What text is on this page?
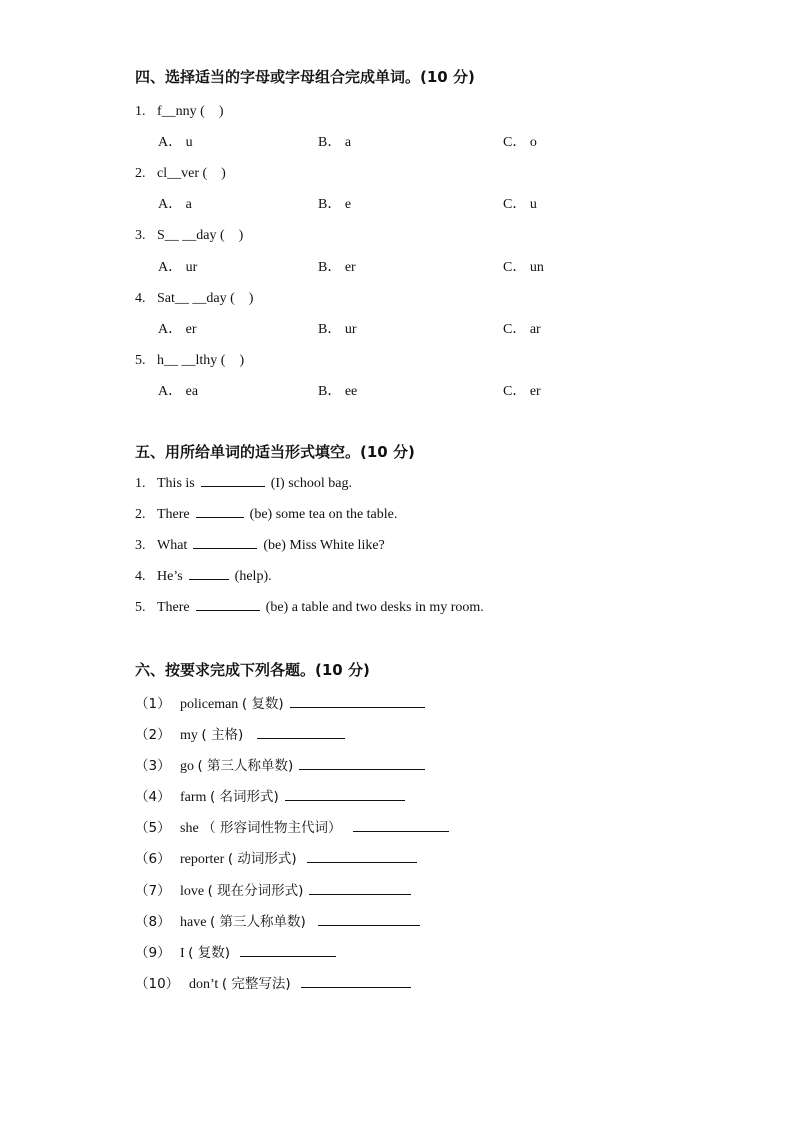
四、选择适当的字母或字母组合完成单词。(10 分)
1. f__nny (　)
A． u	B． a	C． o
2. cl__ver (　)
A． a	B． e	C． u
3. S__ __day (　)
A． ur	B． er	C． un
4. Sat__ __day (　)
A． er	B． ur	C． ar
5. h__ __lthy (　)
A． ea	B． ee	C． er
五、用所给单词的适当形式填空。(10 分)
1. This is	(I) school bag.
2. There	(be) some tea on the table.
3. What	(be) Miss White like?
4. He’s	(help).
5. There	(be) a table and two desks in my room.
六、按要求完成下列各题。(10 分)
（1） policeman ( 复数)
（2） my ( 主格)
（3） go ( 第三人称单数)
（4） farm ( 名词形式)
（5） she （ 形容词性物主代词）
（6） reporter ( 动词形式)
（7） love ( 现在分词形式)
（8） have ( 第三人称单数)
（9） I ( 复数)
（10） don’t ( 完整写法)
